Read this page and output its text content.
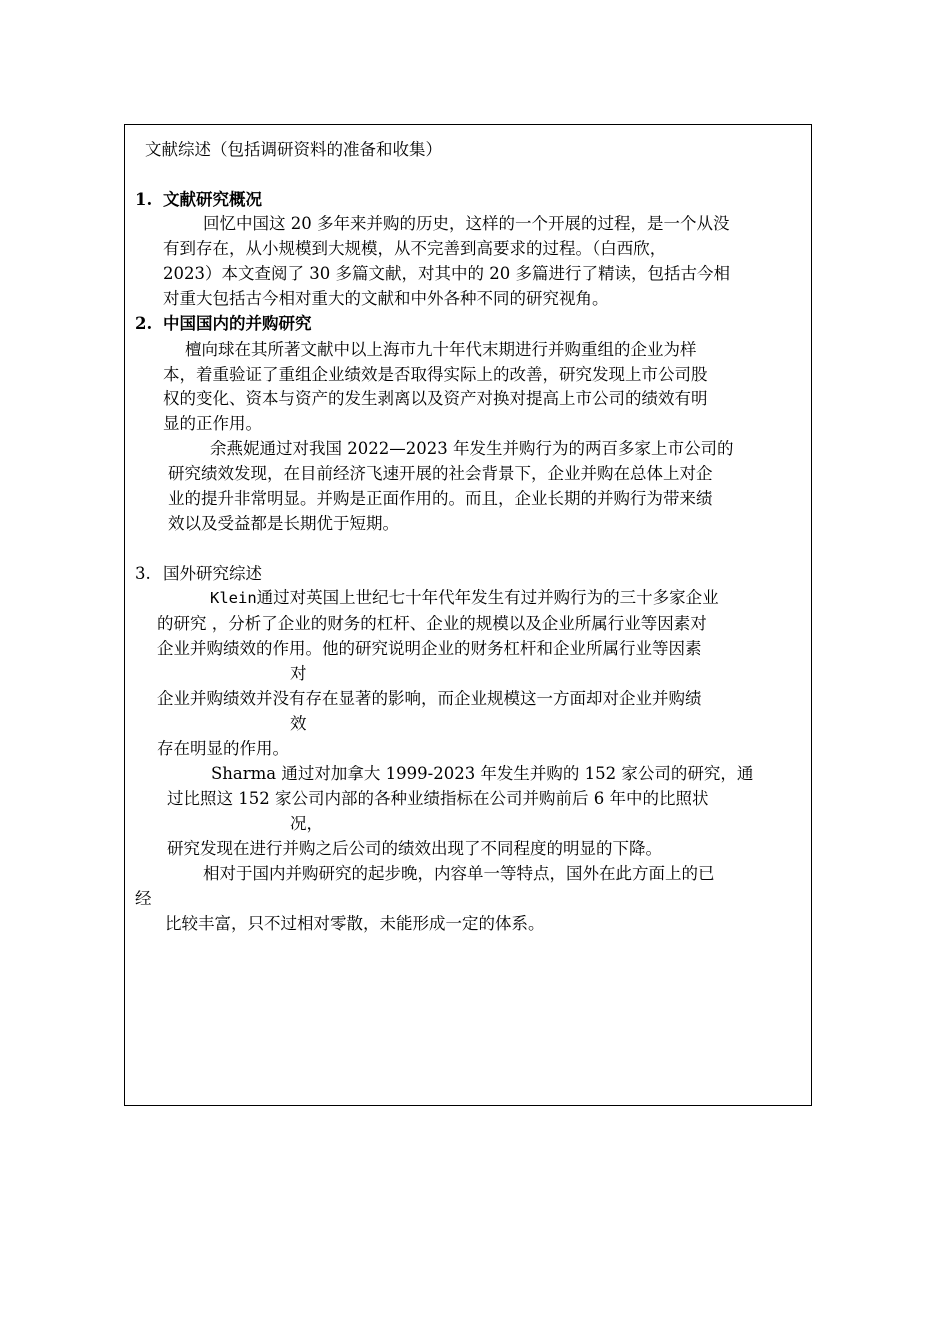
文献综述（包括调研资料的准备和收集）
1. 文献研究概况
回忆中国这 20 多年来并购的历史，这样的一个开展的过程，是一个从没
有到存在，从小规模到大规模，从不完善到高要求的过程。（白西欣，
2023）本文查阅了 30 多篇文献，对其中的 20 多篇进行了精读，包括古今相
对重大包括古今相对重大的文献和中外各种不同的研究视角。
2. 中国国内的并购研究
檀向球在其所著文献中以上海市九十年代末期进行并购重组的企业为样
本，着重验证了重组企业绩效是否取得实际上的改善，研究发现上市公司股
权的变化、资本与资产的发生剥离以及资产对换对提高上市公司的绩效有明
显的正作用。
余燕妮通过对我国 2022—2023 年发生并购行为的两百多家上市公司的
研究绩效发现，在目前经济飞速开展的社会背景下，企业并购在总体上对企
业的提升非常明显。并购是正面作用的。而且，企业长期的并购行为带来绩
效以及受益都是长期优于短期。
3. 国外研究综述
Klein通过对英国上世纪七十年代年发生有过并购行为的三十多家企业
的研究 ，分析了企业的财务的杠杆、企业的规模以及企业所属行业等因素对
企业并购绩效的作用。他的研究说明企业的财务杠杆和企业所属行业等因素
对
企业并购绩效并没有存在显著的影响，而企业规模这一方面却对企业并购绩
效
存在明显的作用。
Sharma 通过对加拿大 1999-2023 年发生并购的 152 家公司的研究，通
过比照这 152 家公司内部的各种业绩指标在公司并购前后 6 年中的比照状
况，
研究发现在进行并购之后公司的绩效出现了不同程度的明显的下降。
相对于国内并购研究的起步晚，内容单一等特点，国外在此方面上的已
经
比较丰富，只不过相对零散，未能形成一定的体系。
